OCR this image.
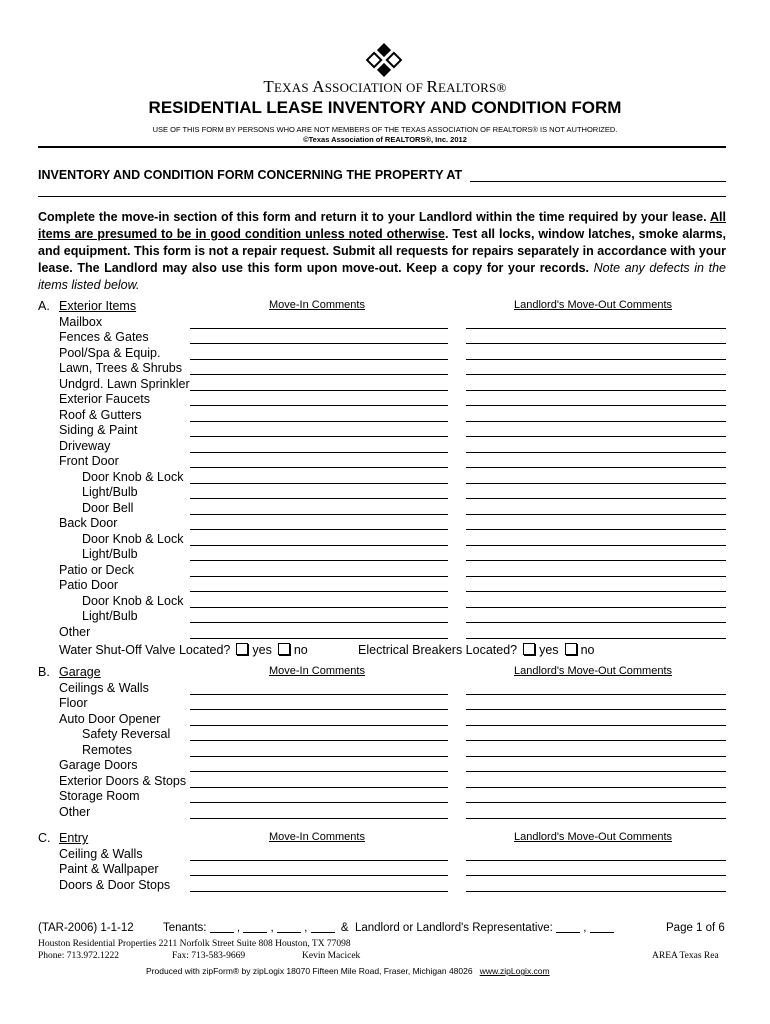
TEXAS ASSOCIATION OF REALTORS®
RESIDENTIAL LEASE INVENTORY AND CONDITION FORM
USE OF THIS FORM BY PERSONS WHO ARE NOT MEMBERS OF THE TEXAS ASSOCIATION OF REALTORS® IS NOT AUTHORIZED.
©Texas Association of REALTORS®, Inc. 2012
INVENTORY AND CONDITION FORM CONCERNING THE PROPERTY AT
Complete the move-in section of this form and return it to your Landlord within the time required by your lease. All items are presumed to be in good condition unless noted otherwise. Test all locks, window latches, smoke alarms, and equipment. This form is not a repair request. Submit all requests for repairs separately in accordance with your lease. The Landlord may also use this form upon move-out. Keep a copy for your records. Note any defects in the items listed below.
A. Exterior Items	Move-In Comments	Landlord's Move-Out Comments
Mailbox
Fences & Gates
Pool/Spa & Equip.
Lawn, Trees & Shrubs
Undgrd. Lawn Sprinkler
Exterior Faucets
Roof & Gutters
Siding & Paint
Driveway
Front Door
Door Knob & Lock
Light/Bulb
Door Bell
Back Door
Door Knob & Lock
Light/Bulb
Patio or Deck
Patio Door
Door Knob & Lock
Light/Bulb
Other
Water Shut-Off Valve Located? yes no	Electrical Breakers Located? yes no
B. Garage	Move-In Comments	Landlord's Move-Out Comments
Ceilings & Walls
Floor
Auto Door Opener
Safety Reversal
Remotes
Garage Doors
Exterior Doors & Stops
Storage Room
Other
C. Entry	Move-In Comments	Landlord's Move-Out Comments
Ceiling & Walls
Paint & Wallpaper
Doors & Door Stops
(TAR-2006) 1-1-12	Tenants:	,	,	,	& Landlord or Landlord's Representative:	,	Page 1 of 6
Houston Residential Properties 2211 Norfolk Street Suite 808 Houston, TX 77098
Phone: 713.972.1222	Fax: 713-583-9669	Kevin Macicek	AREA Texas Rea
Produced with zipForm® by zipLogix 18070 Fifteen Mile Road, Fraser, Michigan 48026 www.zipLogix.com
